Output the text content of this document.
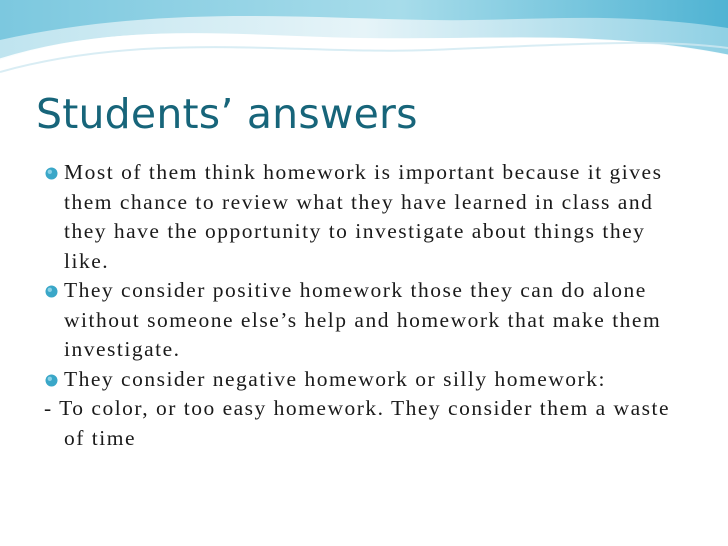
Students’ answers

Most of them think homework is important because it gives them chance to review what they have learned in class and they have the opportunity to investigate about things they like.

They consider positive homework those they can do alone without someone else’s help and homework that make them investigate.

They consider negative homework or silly homework:

- To color, or too easy homework. They consider them a waste of time
